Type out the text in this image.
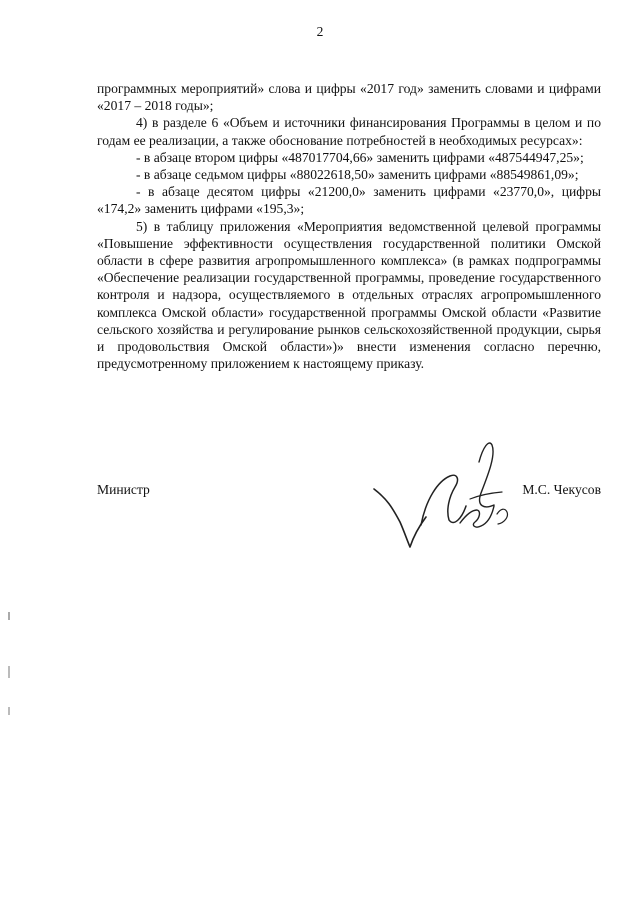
2

программных мероприятий» слова и цифры «2017 год» заменить словами и цифрами «2017 – 2018 годы»;

4) в разделе 6 «Объем и источники финансирования Программы в целом и по годам ее реализации, а также обоснование потребностей в необходимых ресурсах»:

- в абзаце втором цифры «487017704,66» заменить цифрами «487544947,25»;

- в абзаце седьмом цифры «88022618,50» заменить цифрами «88549861,09»;

- в абзаце десятом цифры «21200,0» заменить цифрами «23770,0», цифры «174,2» заменить цифрами «195,3»;

5) в таблицу приложения «Мероприятия ведомственной целевой программы «Повышение эффективности осуществления государственной политики Омской области в сфере развития агропромышленного комплекса» (в рамках подпрограммы «Обеспечение реализации государственной программы, проведение государственного контроля и надзора, осуществляемого в отдельных отраслях агропромышленного комплекса Омской области» государственной программы Омской области «Развитие сельского хозяйства и регулирование рынков сельскохозяйственной продукции, сырья и продовольствия Омской области»)» внести изменения согласно перечню, предусмотренному приложением к настоящему приказу.

Министр	М.С. Чекусов
